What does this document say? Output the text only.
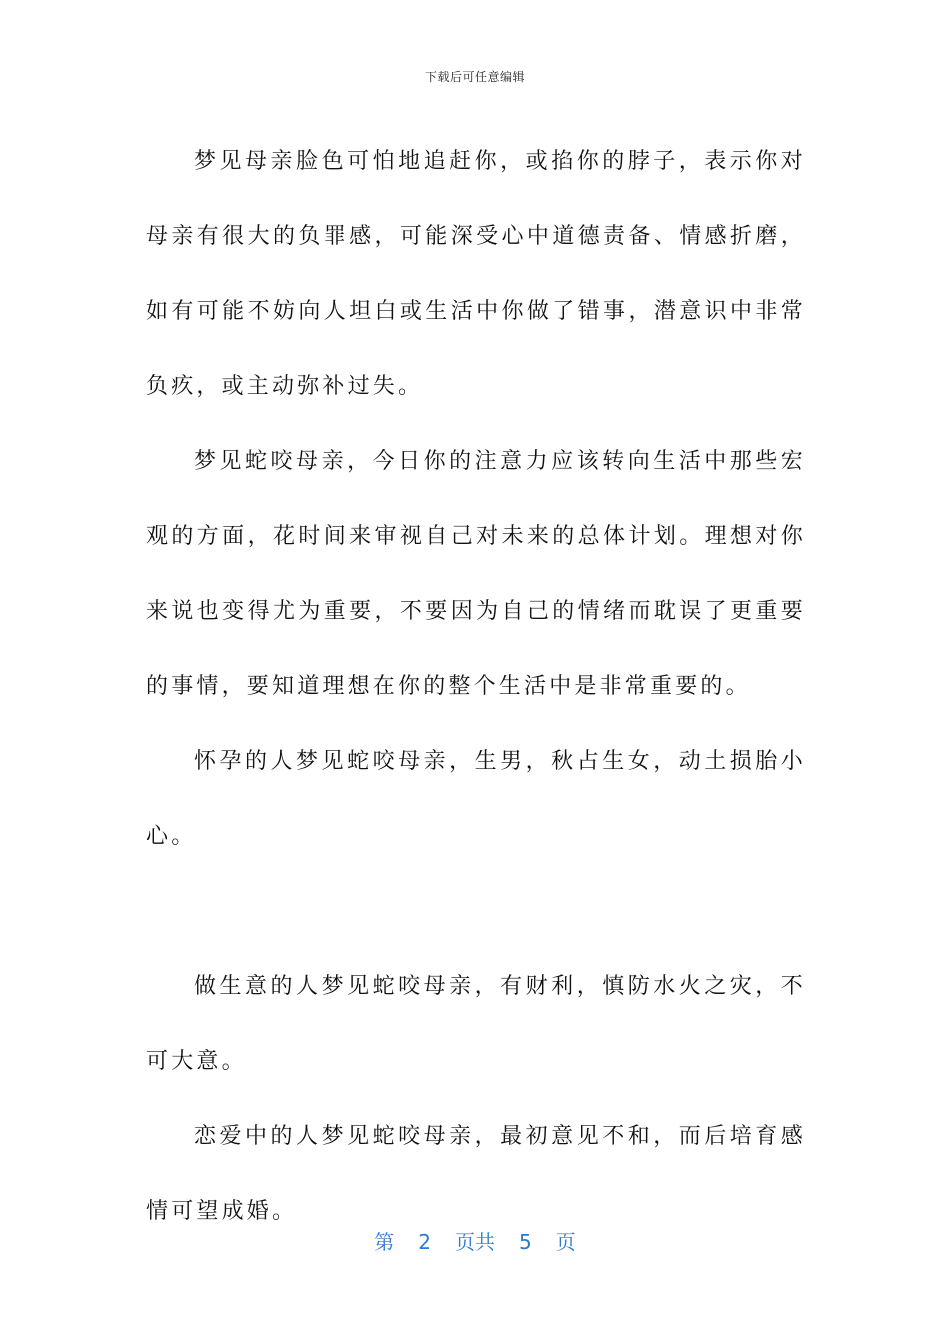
下载后可任意编辑

梦见母亲脸色可怕地追赶你，或掐你的脖子，表示你对母亲有很大的负罪感，可能深受心中道德责备、情感折磨，如有可能不妨向人坦白或生活中你做了错事，潜意识中非常负疚，或主动弥补过失。

梦见蛇咬母亲，今日你的注意力应该转向生活中那些宏观的方面，花时间来审视自己对未来的总体计划。理想对你来说也变得尤为重要，不要因为自己的情绪而耽误了更重要的事情，要知道理想在你的整个生活中是非常重要的。

怀孕的人梦见蛇咬母亲，生男，秋占生女，动土损胎小心。

做生意的人梦见蛇咬母亲，有财利，慎防水火之灾，不可大意。

恋爱中的人梦见蛇咬母亲，最初意见不和，而后培育感情可望成婚。

第 2 页共 5 页
